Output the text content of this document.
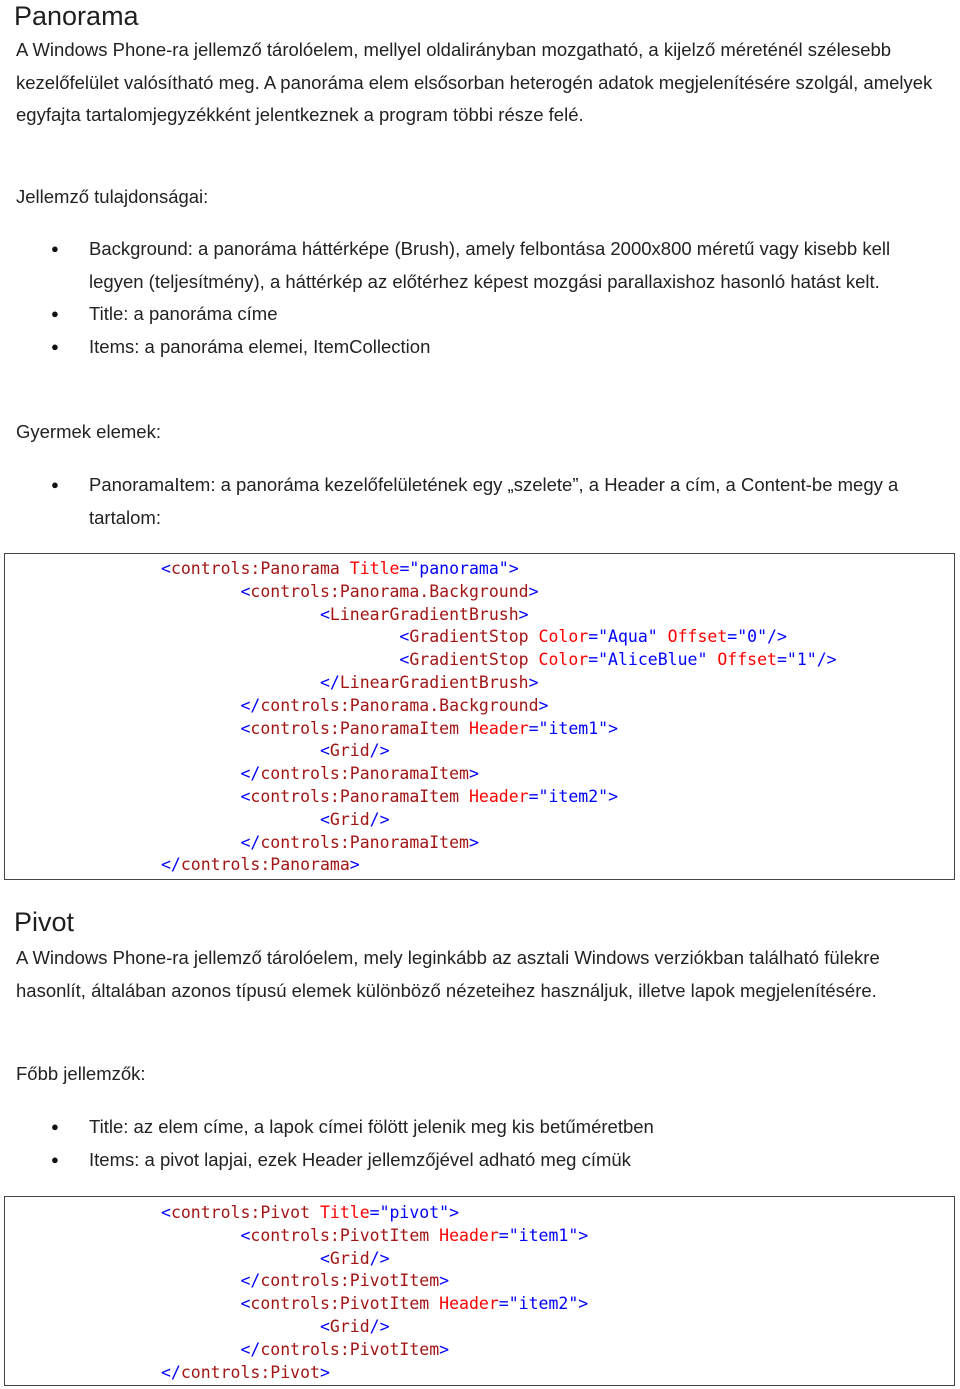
Panorama

A Windows Phone-ra jellemző tárolóelem, mellyel oldalirányban mozgatható, a kijelző méreténél szélesebb kezelőfelület valósítható meg. A panoráma elem elsősorban heterogén adatok megjelenítésére szolgál, amelyek egyfajta tartalomjegyzékként jelentkeznek a program többi része felé.

Jellemző tulajdonságai:

● Background: a panoráma háttérképe (Brush), amely felbontása 2000x800 méretű vagy kisebb kell legyen (teljesítmény), a háttérkép az előtérhez képest mozgási parallaxishoz hasonló hatást kelt.
● Title: a panoráma címe
● Items: a panoráma elemei, ItemCollection

Gyermek elemek:

● PanoramaItem: a panoráma kezelőfelületének egy „szelete”, a Header a cím, a Content-be megy a tartalom:
<controls:Panorama Title="panorama">
<controls:Panorama.Background>
<LinearGradientBrush>
<GradientStop Color="Aqua" Offset="0"/>
<GradientStop Color="AliceBlue" Offset="1"/>
</LinearGradientBrush>
</controls:Panorama.Background>
<controls:PanoramaItem Header="item1">
<Grid/>
</controls:PanoramaItem>
<controls:PanoramaItem Header="item2">
<Grid/>
</controls:PanoramaItem>
</controls:Panorama>
Pivot

A Windows Phone-ra jellemző tárolóelem, mely leginkább az asztali Windows verziókban található fülekre hasonlít, általában azonos típusú elemek különböző nézeteihez használjuk, illetve lapok megjelenítésére.

Főbb jellemzők:

● Title: az elem címe, a lapok címei fölött jelenik meg kis betűméretben
● Items: a pivot lapjai, ezek Header jellemzőjével adható meg címük
<controls:Pivot Title="pivot">
<controls:PivotItem Header="item1">
<Grid/>
</controls:PivotItem>
<controls:PivotItem Header="item2">
<Grid/>
</controls:PivotItem>
</controls:Pivot>
